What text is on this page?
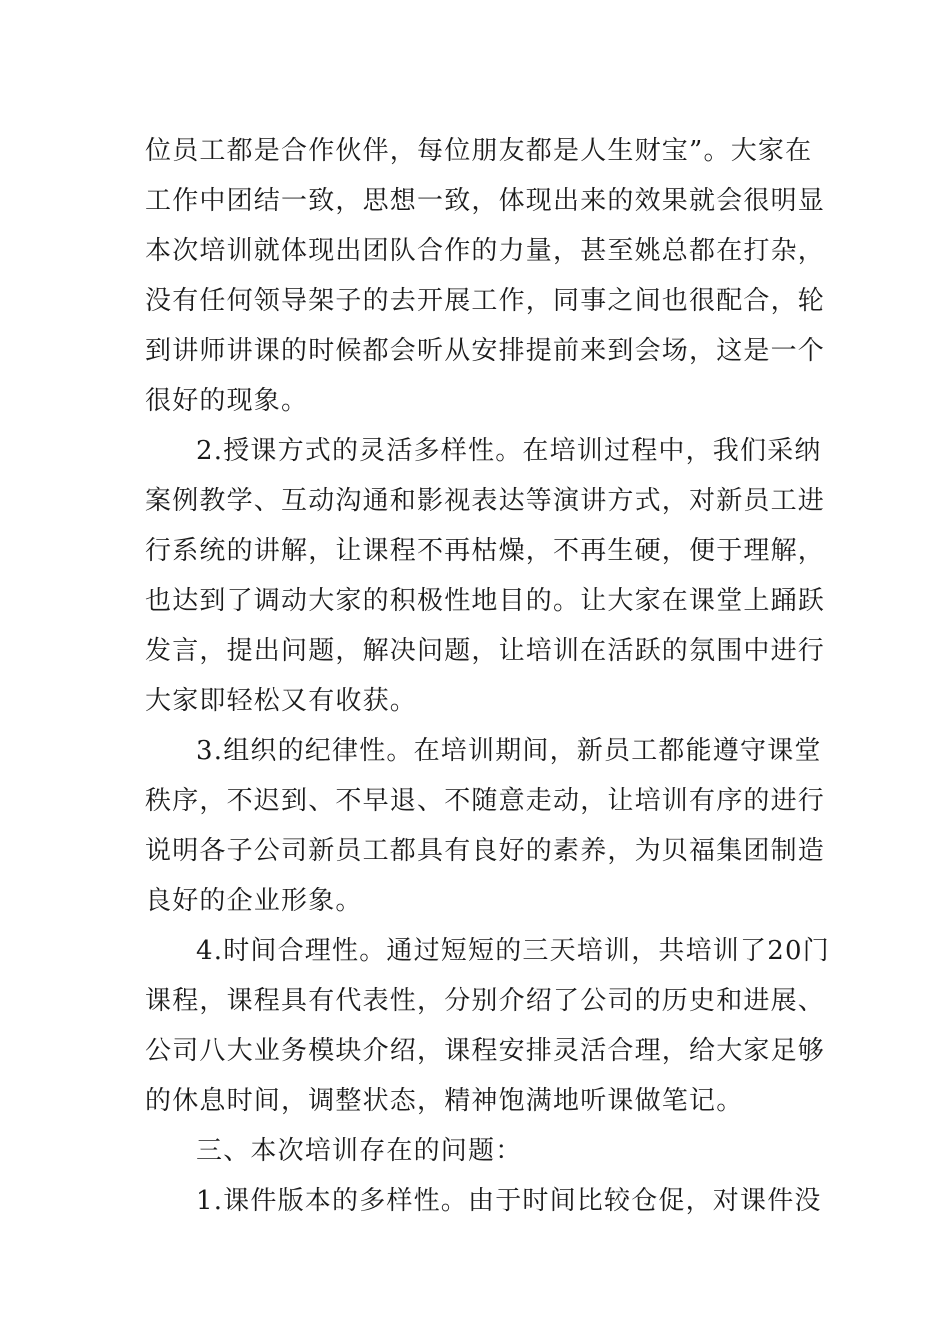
位员工都是合作伙伴，每位朋友都是人生财宝”。大家在
工作中团结一致，思想一致，体现出来的效果就会很明显
本次培训就体现出团队合作的力量，甚至姚总都在打杂，
没有任何领导架子的去开展工作，同事之间也很配合，轮
到讲师讲课的时候都会听从安排提前来到会场，这是一个
很好的现象。
2.授课方式的灵活多样性。在培训过程中，我们采纳
案例教学、互动沟通和影视表达等演讲方式，对新员工进
行系统的讲解，让课程不再枯燥，不再生硬，便于理解，
也达到了调动大家的积极性地目的。让大家在课堂上踊跃
发言，提出问题，解决问题，让培训在活跃的氛围中进行
大家即轻松又有收获。
3.组织的纪律性。在培训期间，新员工都能遵守课堂
秩序，不迟到、不早退、不随意走动，让培训有序的进行
说明各子公司新员工都具有良好的素养，为贝福集团制造
良好的企业形象。
4.时间合理性。通过短短的三天培训，共培训了20门
课程，课程具有代表性，分别介绍了公司的历史和进展、
公司八大业务模块介绍，课程安排灵活合理，给大家足够
的休息时间，调整状态，精神饱满地听课做笔记。
三、本次培训存在的问题：
1.课件版本的多样性。由于时间比较仓促，对课件没
